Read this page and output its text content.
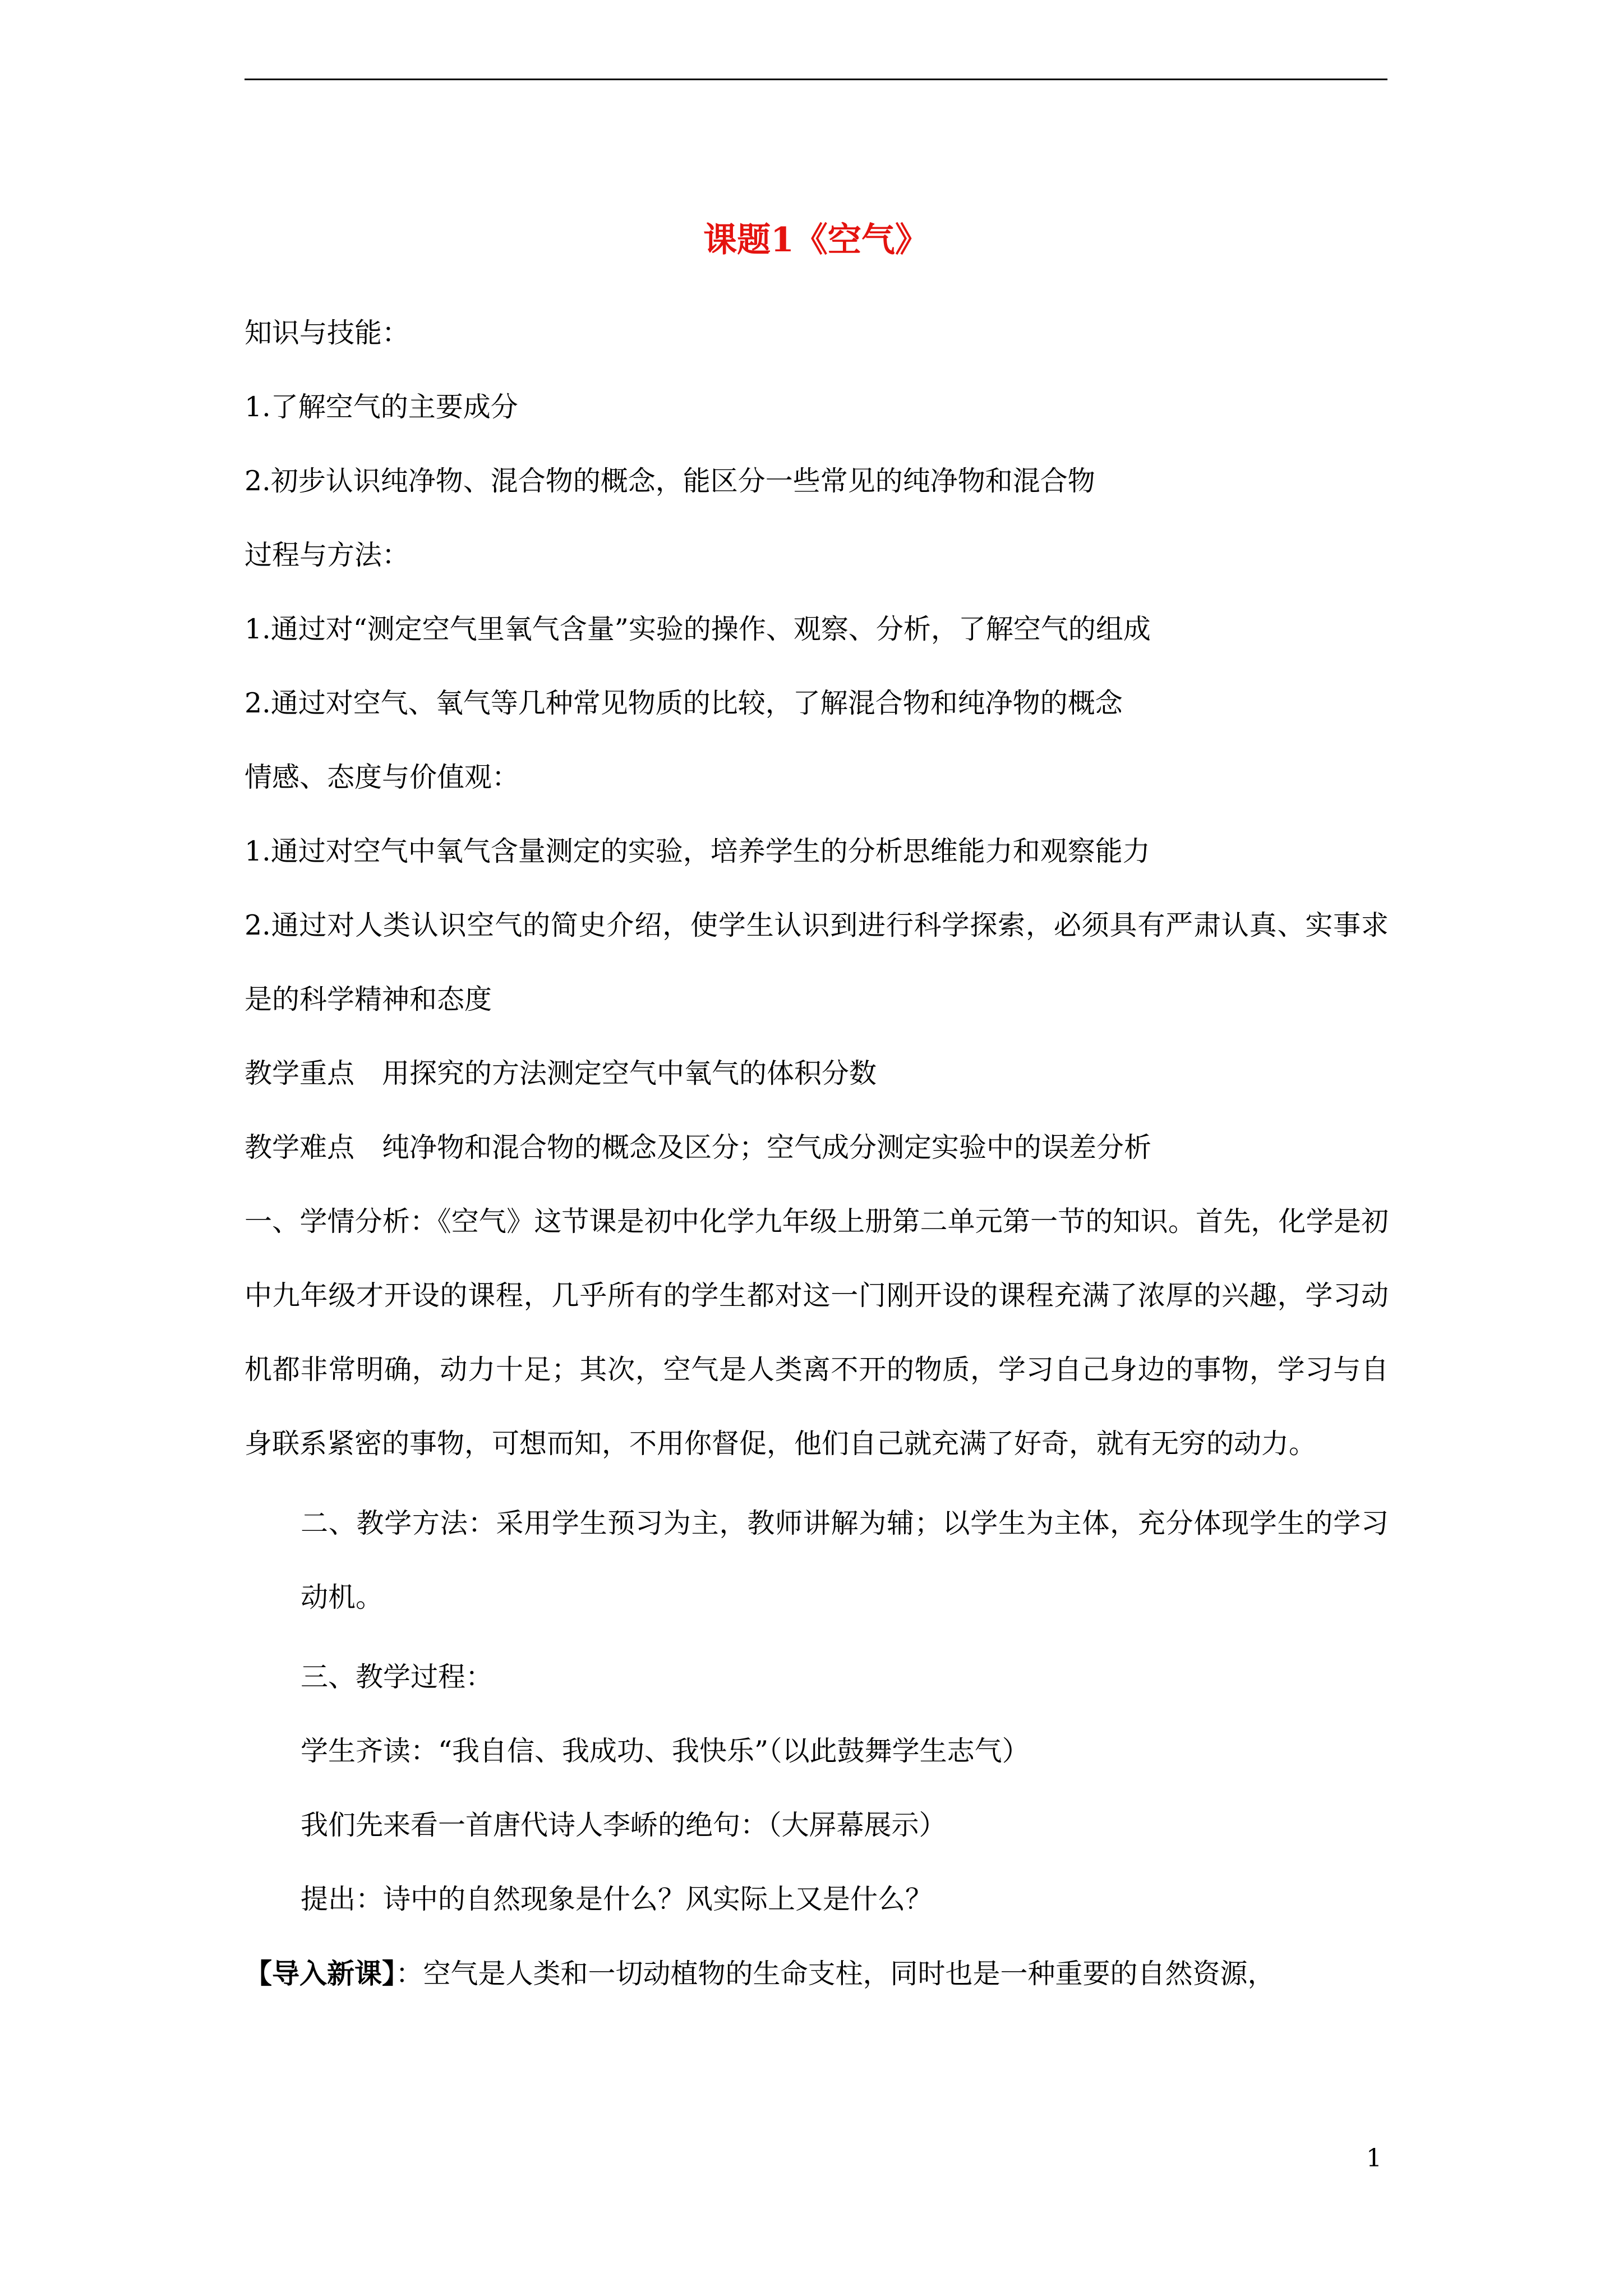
课题1《空气》

知识与技能：

1.了解空气的主要成分

2.初步认识纯净物、混合物的概念，能区分一些常见的纯净物和混合物

过程与方法：

1.通过对“测定空气里氧气含量”实验的操作、观察、分析，了解空气的组成

2.通过对空气、氧气等几种常见物质的比较，了解混合物和纯净物的概念

情感、态度与价值观：

1.通过对空气中氧气含量测定的实验，培养学生的分析思维能力和观察能力

2.通过对人类认识空气的简史介绍，使学生认识到进行科学探索，必须具有严肃认真、实事求是的科学精神和态度

教学重点　用探究的方法测定空气中氧气的体积分数

教学难点　纯净物和混合物的概念及区分；空气成分测定实验中的误差分析

一、学情分析：《空气》这节课是初中化学九年级上册第二单元第一节的知识。首先，化学是初中九年级才开设的课程，几乎所有的学生都对这一门刚开设的课程充满了浓厚的兴趣，学习动机都非常明确，动力十足；其次，空气是人类离不开的物质，学习自己身边的事物，学习与自身联系紧密的事物，可想而知，不用你督促，他们自己就充满了好奇，就有无穷的动力。

二、教学方法：采用学生预习为主，教师讲解为辅；以学生为主体，充分体现学生的学习动机。

三、教学过程：

学生齐读：“我自信、我成功、我快乐”（以此鼓舞学生志气）

我们先来看一首唐代诗人李峤的绝句：（大屏幕展示）

提出：诗中的自然现象是什么？风实际上又是什么？

【导入新课】：空气是人类和一切动植物的生命支柱，同时也是一种重要的自然资源，

1
